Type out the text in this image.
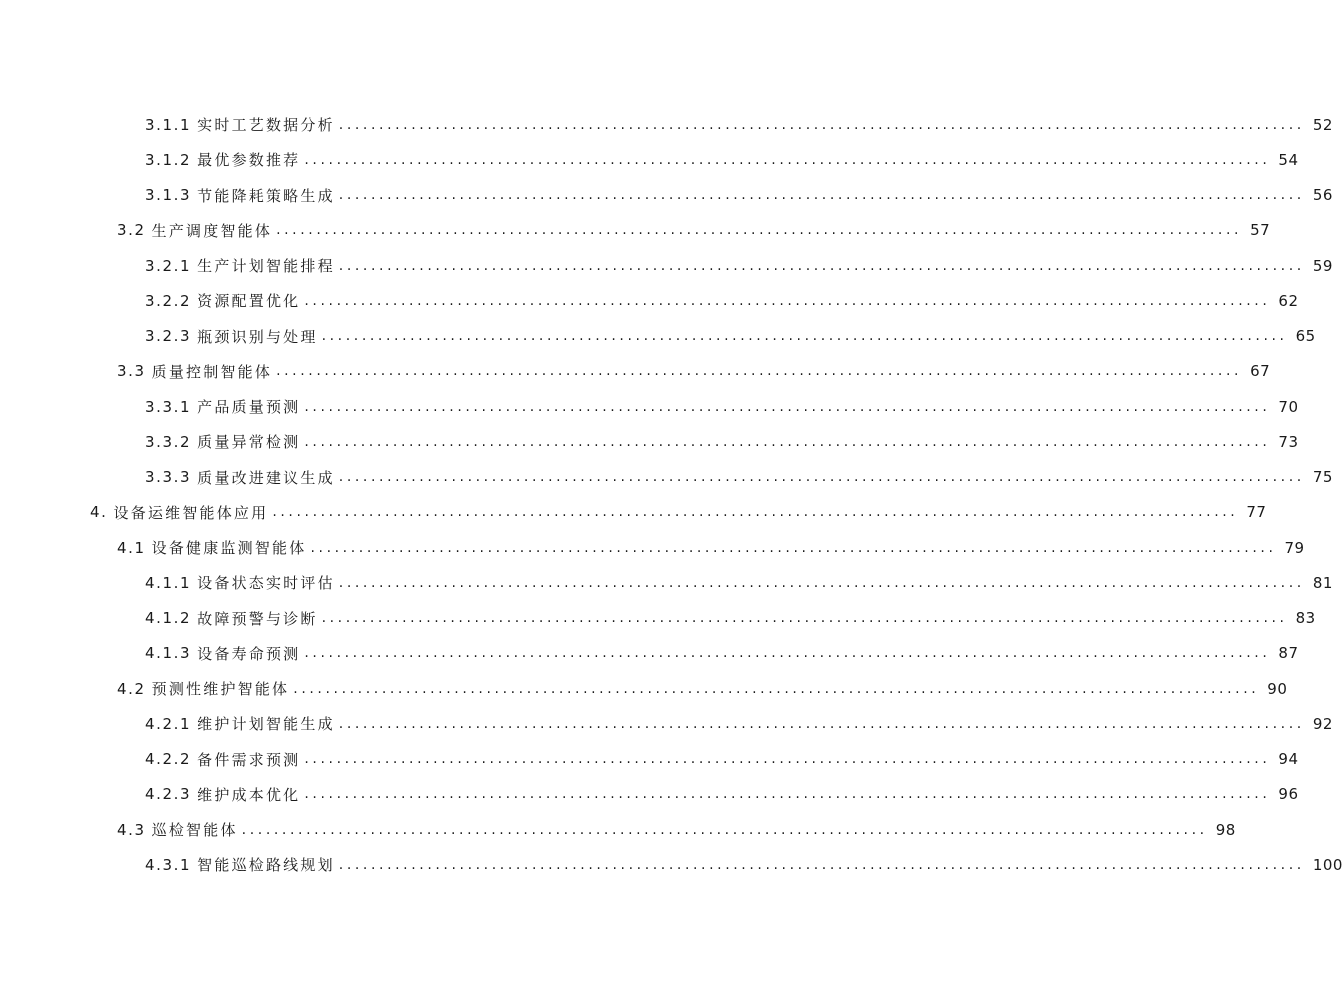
3.1.1 实时工艺数据分析 ........................................................................................................................ 52
3.1.2 最优参数推荐 ........................................................................................................................ 54
3.1.3 节能降耗策略生成 ........................................................................................................................ 56
3.2 生产调度智能体 ........................................................................................................................ 57
3.2.1 生产计划智能排程 ........................................................................................................................ 59
3.2.2 资源配置优化 ........................................................................................................................ 62
3.2.3 瓶颈识别与处理 ........................................................................................................................ 65
3.3 质量控制智能体 ........................................................................................................................ 67
3.3.1 产品质量预测 ........................................................................................................................ 70
3.3.2 质量异常检测 ........................................................................................................................ 73
3.3.3 质量改进建议生成 ........................................................................................................................ 75
4. 设备运维智能体应用 ........................................................................................................................ 77
4.1 设备健康监测智能体 ........................................................................................................................ 79
4.1.1 设备状态实时评估 ........................................................................................................................ 81
4.1.2 故障预警与诊断 ........................................................................................................................ 83
4.1.3 设备寿命预测 ........................................................................................................................ 87
4.2 预测性维护智能体 ........................................................................................................................ 90
4.2.1 维护计划智能生成 ........................................................................................................................ 92
4.2.2 备件需求预测 ........................................................................................................................ 94
4.2.3 维护成本优化 ........................................................................................................................ 96
4.3 巡检智能体 ........................................................................................................................ 98
4.3.1 智能巡检路线规划 ........................................................................................................................ 100
